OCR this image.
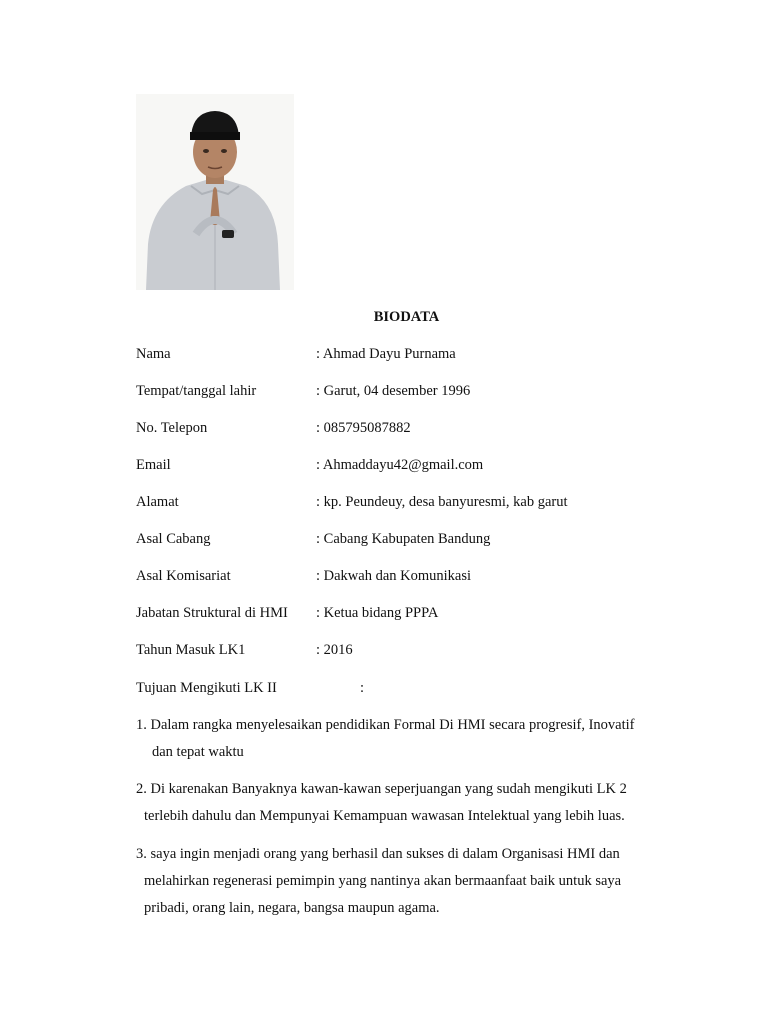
BIODATA
Nama	: Ahmad Dayu Purnama
Tempat/tanggal lahir	: Garut, 04 desember 1996
No. Telepon	: 085795087882
Email	: Ahmaddayu42@gmail.com
Alamat	: kp. Peundeuy, desa banyuresmi, kab garut
Asal Cabang	: Cabang Kabupaten Bandung
Asal Komisariat	: Dakwah dan Komunikasi
Jabatan Struktural di HMI : Ketua bidang PPPA
Tahun Masuk LK1	: 2016
Tujuan Mengikuti LK II	:
1. Dalam rangka menyelesaikan pendidikan Formal Di HMI secara progresif, Inovatif
dan tepat waktu
2. Di karenakan Banyaknya kawan-kawan seperjuangan yang sudah mengikuti LK 2
terlebih dahulu dan Mempunyai Kemampuan wawasan Intelektual yang lebih luas.
3. saya ingin menjadi orang yang berhasil dan sukses di dalam Organisasi HMI dan
melahirkan regenerasi pemimpin yang nantinya akan bermaanfaat baik untuk saya
pribadi, orang lain, negara, bangsa maupun agama.
